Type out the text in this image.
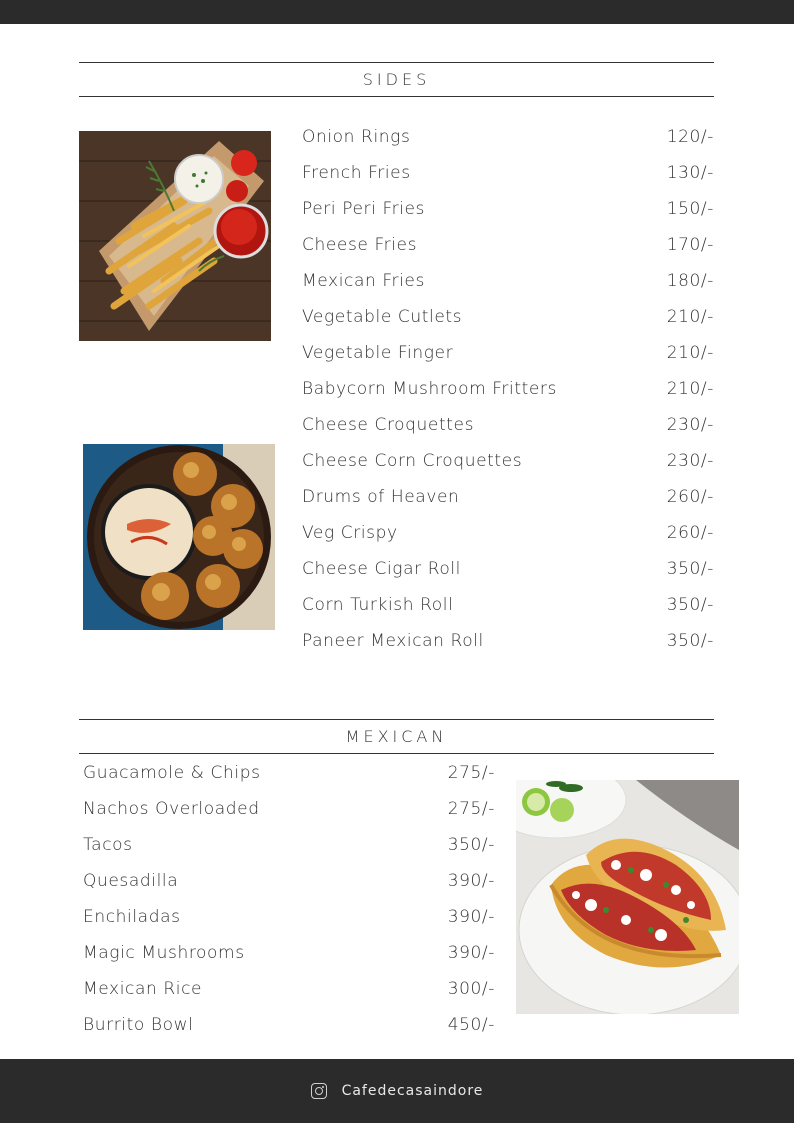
SIDES
Onion Rings	120/-
French Fries	130/-
Peri Peri Fries	150/-
Cheese Fries	170/-
Mexican Fries	180/-
Vegetable Cutlets	210/-
Vegetable Finger	210/-
Babycorn Mushroom Fritters	210/-
Cheese Croquettes	230/-
Cheese Corn Croquettes	230/-
Drums of Heaven	260/-
Veg Crispy	260/-
Cheese Cigar Roll	350/-
Corn Turkish Roll	350/-
Paneer Mexican Roll	350/-
MEXICAN
Guacamole & Chips	275/-
Nachos Overloaded	275/-
Tacos	350/-
Quesadilla	390/-
Enchiladas	390/-
Magic Mushrooms	390/-
Mexican Rice	300/-
Burrito Bowl	450/-
Cafedecasaindore
